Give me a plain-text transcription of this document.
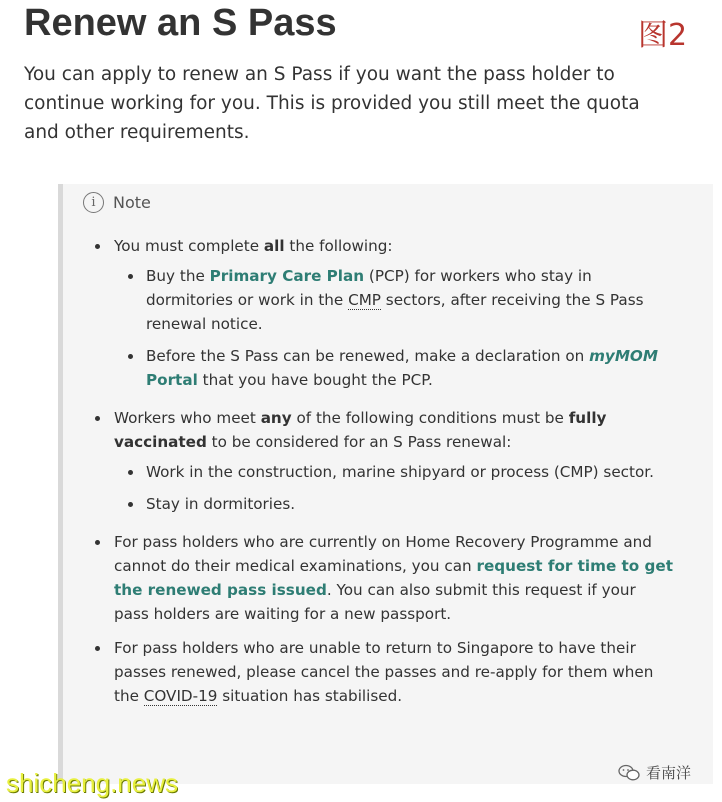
Renew an S Pass	图2

You can apply to renew an S Pass if you want the pass holder to continue working for you. This is provided you still meet the quota and other requirements.

i	Note
You must complete all the following:
Buy the Primary Care Plan (PCP) for workers who stay in dormitories or work in the CMP sectors, after receiving the S Pass renewal notice.
Before the S Pass can be renewed, make a declaration on myMOM Portal that you have bought the PCP.
Workers who meet any of the following conditions must be fully vaccinated to be considered for an S Pass renewal:
Work in the construction, marine shipyard or process (CMP) sector.
Stay in dormitories.
For pass holders who are currently on Home Recovery Programme and cannot do their medical examinations, you can request for time to get the renewed pass issued. You can also submit this request if your pass holders are waiting for a new passport.
For pass holders who are unable to return to Singapore to have their passes renewed, please cancel the passes and re-apply for them when the COVID-19 situation has stabilised.
shicheng.news	看南洋
